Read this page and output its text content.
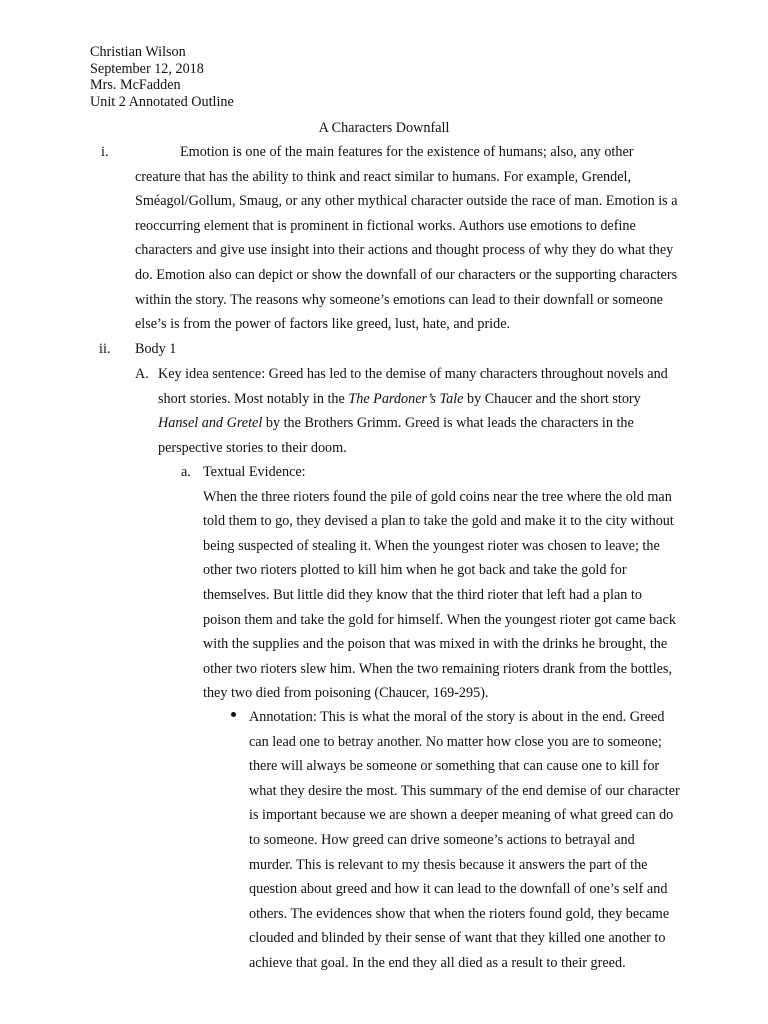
Christian Wilson
September 12, 2018
Mrs. McFadden
Unit 2 Annotated Outline
A Characters Downfall
i.	Emotion is one of the main features for the existence of humans; also, any other creature that has the ability to think and react similar to humans. For example, Grendel, Sméagol/Gollum, Smaug, or any other mythical character outside the race of man. Emotion is a reoccurring element that is prominent in fictional works. Authors use emotions to define characters and give use insight into their actions and thought process of why they do what they do. Emotion also can depict or show the downfall of our characters or the supporting characters within the story. The reasons why someone’s emotions can lead to their downfall or someone else’s is from the power of factors like greed, lust, hate, and pride.
ii. Body 1
A. Key idea sentence: Greed has led to the demise of many characters throughout novels and short stories. Most notably in the The Pardoner’s Tale by Chaucer and the short story Hansel and Gretel by the Brothers Grimm. Greed is what leads the characters in the perspective stories to their doom.
a. Textual Evidence:
When the three rioters found the pile of gold coins near the tree where the old man told them to go, they devised a plan to take the gold and make it to the city without being suspected of stealing it. When the youngest rioter was chosen to leave; the other two rioters plotted to kill him when he got back and take the gold for themselves. But little did they know that the third rioter that left had a plan to poison them and take the gold for himself. When the youngest rioter got came back with the supplies and the poison that was mixed in with the drinks he brought, the other two rioters slew him. When the two remaining rioters drank from the bottles, they two died from poisoning (Chaucer, 169-295).
Annotation: This is what the moral of the story is about in the end. Greed can lead one to betray another. No matter how close you are to someone; there will always be someone or something that can cause one to kill for what they desire the most. This summary of the end demise of our character is important because we are shown a deeper meaning of what greed can do to someone. How greed can drive someone’s actions to betrayal and murder. This is relevant to my thesis because it answers the part of the question about greed and how it can lead to the downfall of one’s self and others. The evidences show that when the rioters found gold, they became clouded and blinded by their sense of want that they killed one another to achieve that goal. In the end they all died as a result to their greed.
